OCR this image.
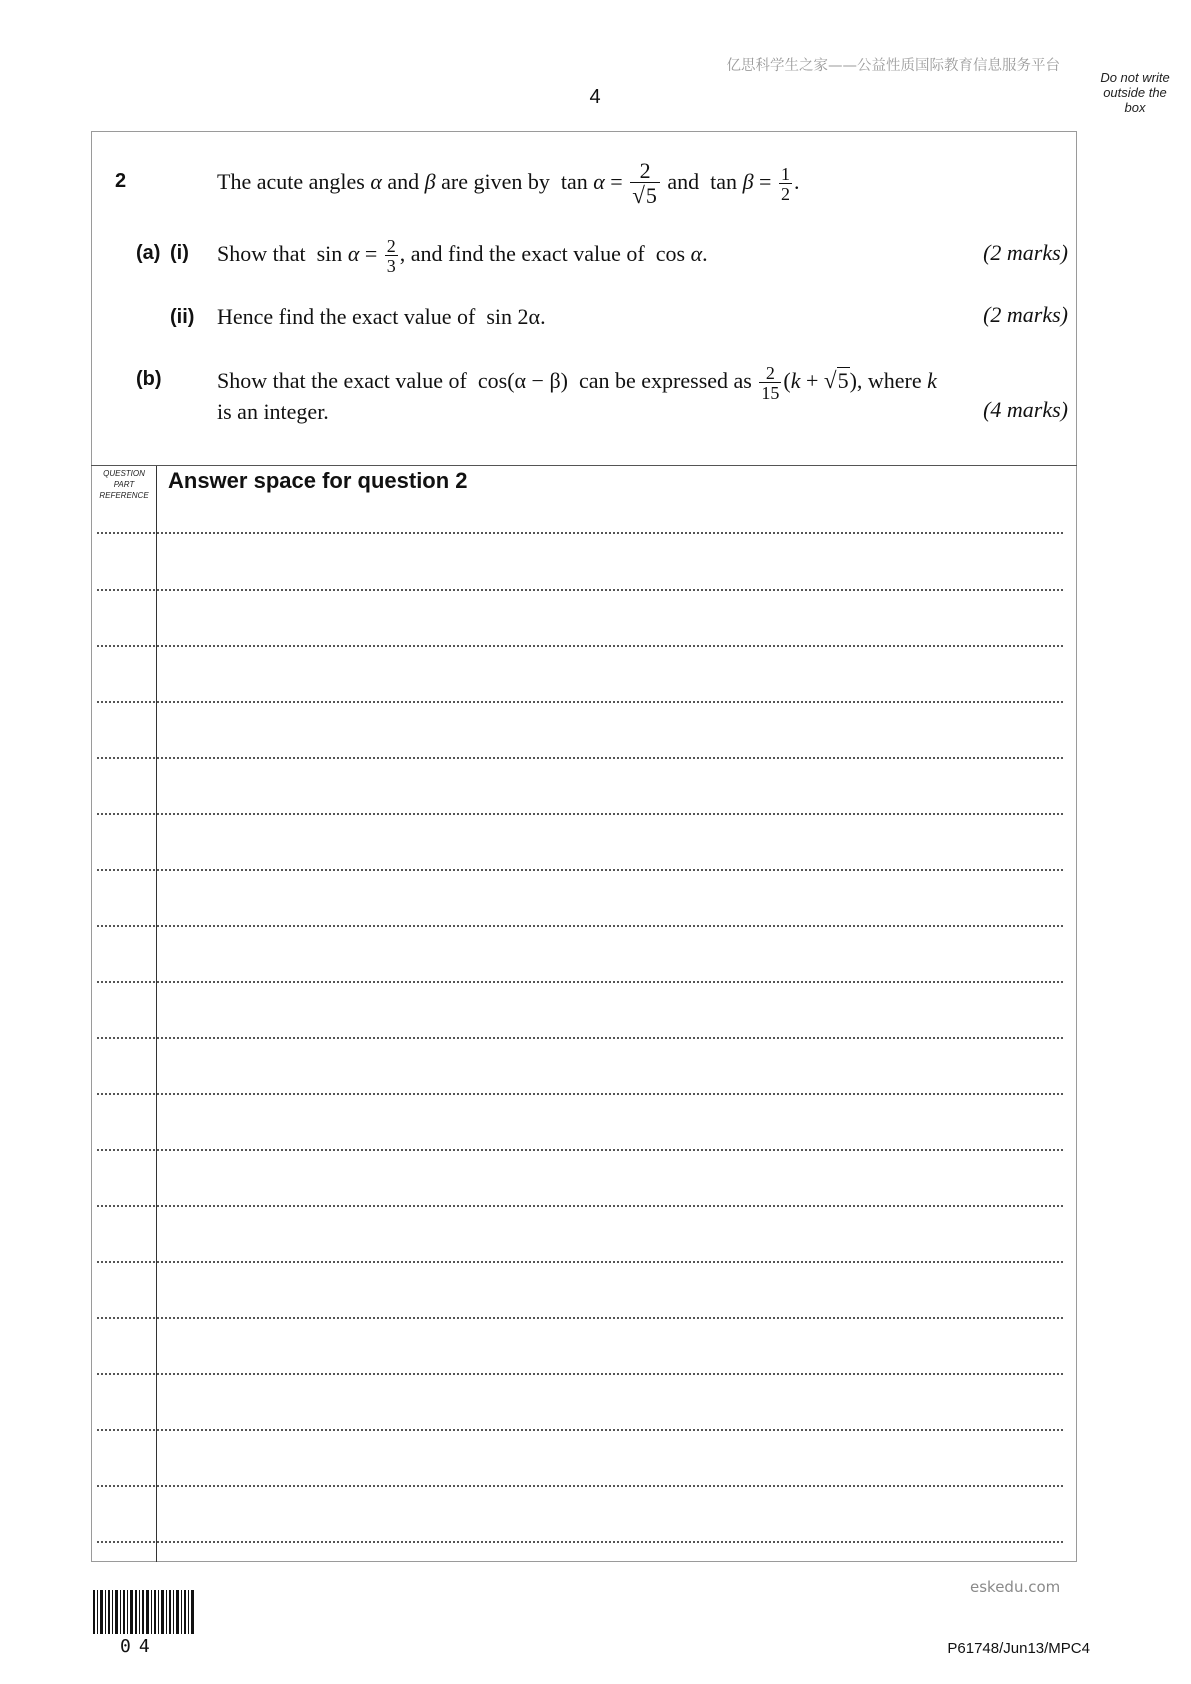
亿思科学生之家——公益性质国际教育信息服务平台
Do not write
outside the
box
4
2	The acute angles α and β are given by $\tan \alpha = \frac{2}{√5}$ and $\tan \beta = \frac{1}{2}$ .
(a) (i) Show that $\sin \alpha = \frac{2}{3}$ , and find the exact value of cos α.	(2 marks)
(ii) Hence find the exact value of sin 2α.	(2 marks)
(b)	Show that the exact value of cos(α − β) can be expressed as $\frac{2}{15} (k + √5)$, where k
is an integer.	(4 marks)
QUESTION
PART
REFERENCE
Answer space for question 2
04
eskedu.com
P61748/Jun13/MPC4
